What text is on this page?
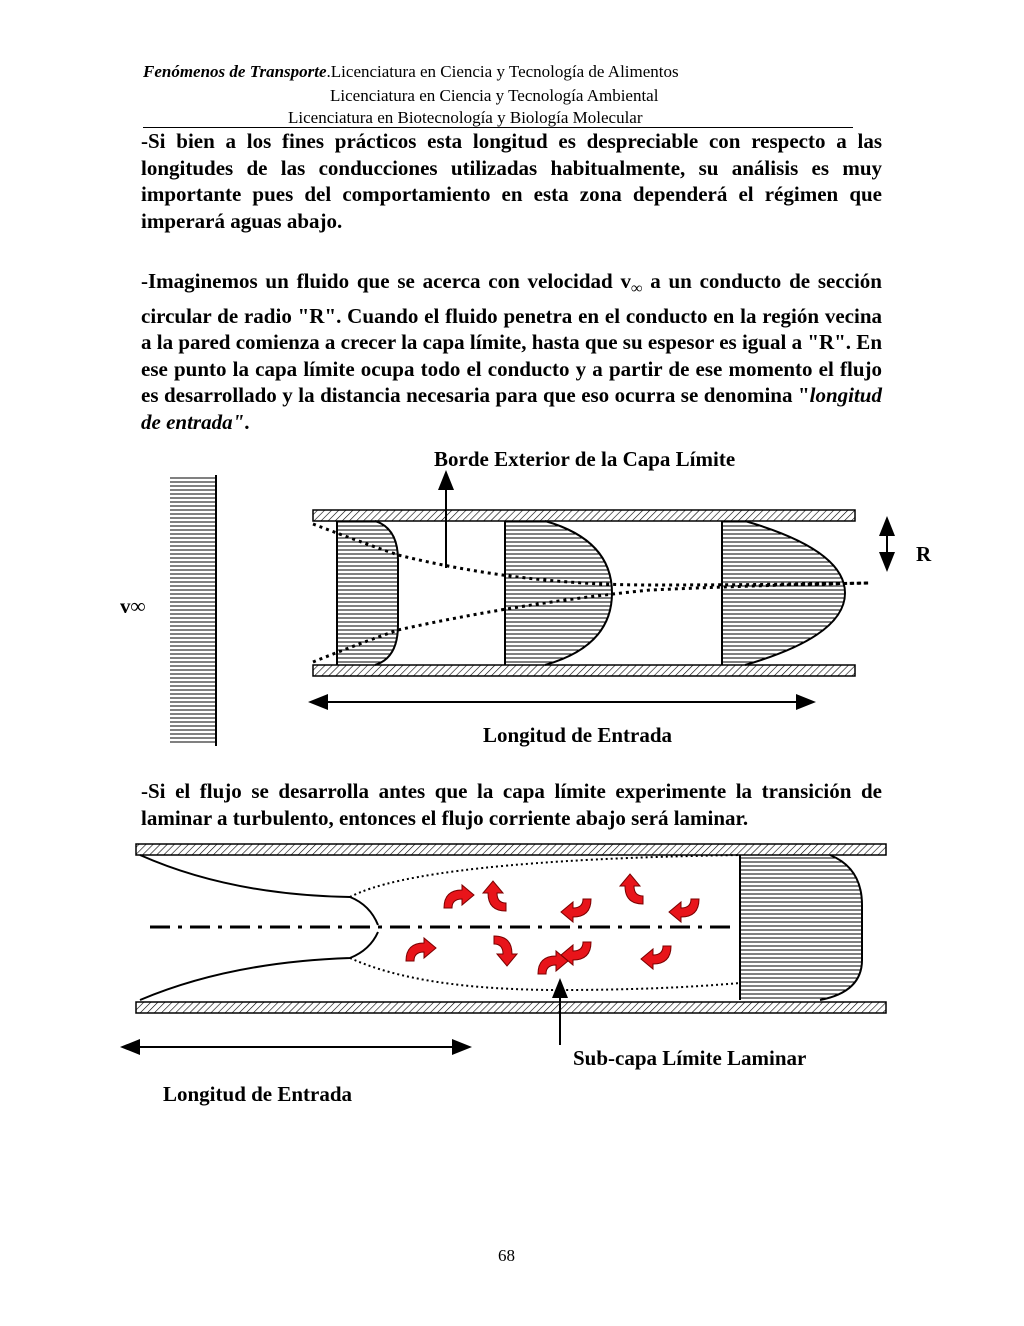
Fenómenos de Transporte.Licenciatura en Ciencia y Tecnología de Alimentos
Licenciatura en Ciencia y Tecnología Ambiental
Licenciatura en Biotecnología y Biología Molecular
-Si bien a los fines prácticos esta longitud es despreciable con respecto a las longitudes de las conducciones utilizadas habitualmente, su análisis es muy importante pues del comportamiento en esta zona dependerá el régimen que imperará aguas abajo.
-Imaginemos un fluido que se acerca con velocidad $v_\infty$ a un conducto de sección circular de radio "R". Cuando el fluido penetra en el conducto en la región vecina a la pared comienza a crecer la capa límite, hasta que su espesor es igual a "R". En ese punto la capa límite ocupa todo el conducto y a partir de ese momento el flujo es desarrollado y la distancia necesaria para que eso ocurra se denomina "longitud de entrada".
-Si el flujo se desarrolla antes que la capa límite experimente la transición de laminar a turbulento, entonces el flujo corriente abajo será laminar.
Borde Exterior de la Capa Límite
v∞
R
Longitud de Entrada
Sub-capa Límite Laminar
Longitud de Entrada
68
